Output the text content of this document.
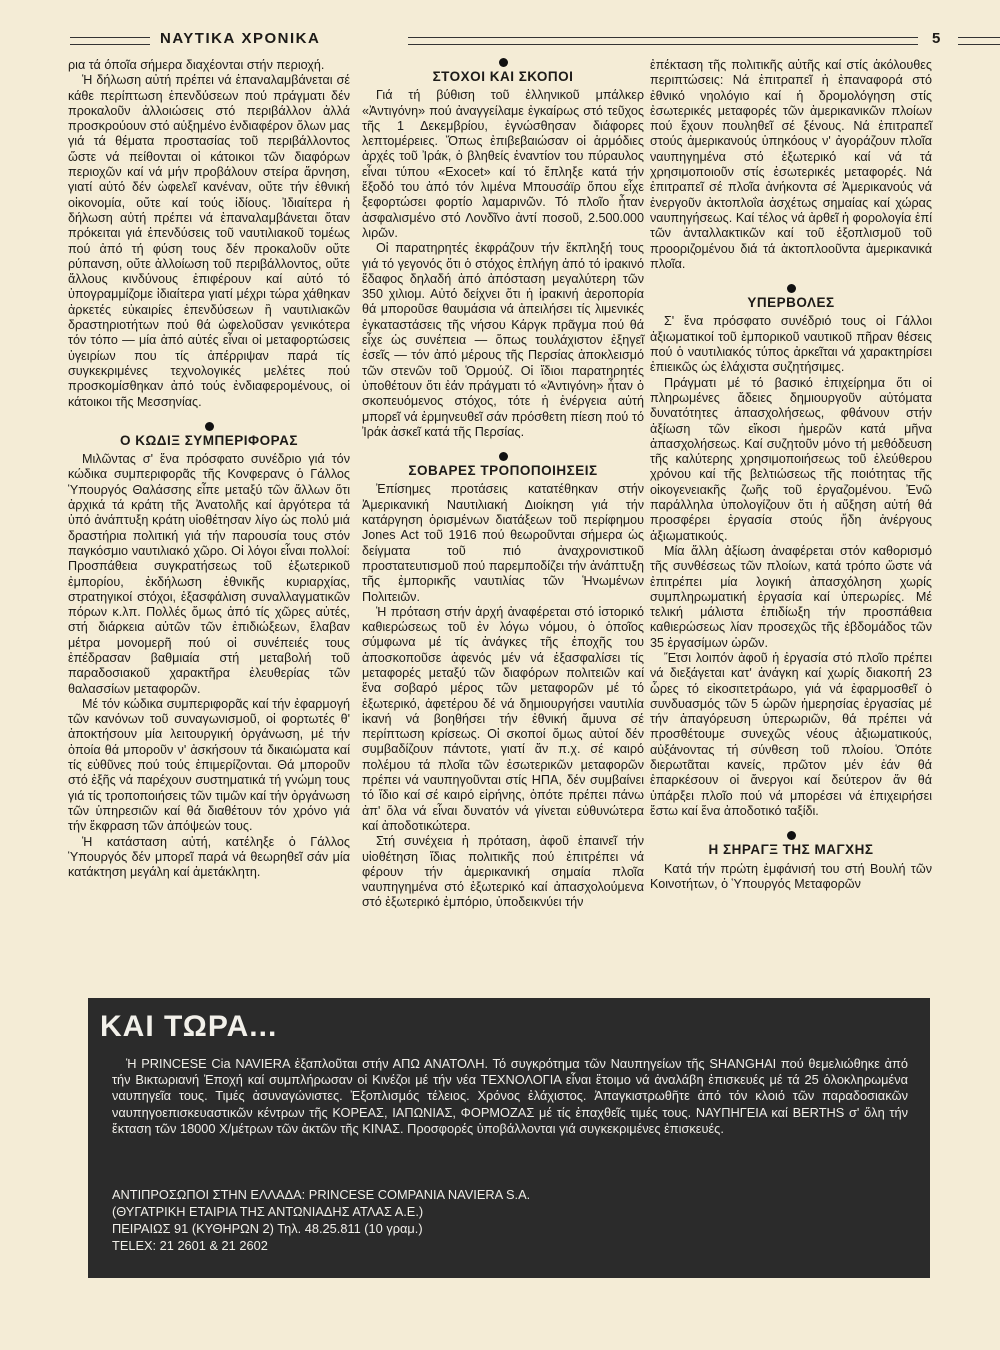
ΝΑΥΤΙΚΑ ΧΡΟΝΙΚΑ	5

ρια τά όποῖα σήμερα διαχέονται στήν περιοχή.

Ἡ δήλωση αὐτή πρέπει νά ἐπαναλαμβάνεται σέ κάθε περίπτωση ἐπενδύσεων πού πράγματι δέν προκαλοῦν ἀλλοιώσεις στό περιβάλλον ἀλλά προσκρούουν στό αὐξημένο ἐνδιαφέρον ὅλων μας γιά τά θέματα προστασίας τοῦ περιβάλλοντος ὥστε νά πείθονται οἱ κάτοικοι τῶν διαφόρων περιοχῶν καί νά μήν προβάλουν στείρα ἄρνηση, γιατί αὐτό δέν ὠφελεῖ κανέναν, οὔτε τήν ἐθνική οἰκονομία, οὔτε καί τούς ἰδίους. Ἰδιαίτερα ἡ δήλωση αὐτή πρέπει νά ἐπαναλαμβάνεται ὅταν πρόκειται γιά ἐπενδύσεις τοῦ ναυτιλιακοῦ τομέως πού ἀπό τή φύση τους δέν προκαλοῦν οὔτε ρύπανση, οὔτε ἀλλοίωση τοῦ περιβάλλοντος, οὔτε ἄλλους κινδύνους ἐπιφέρουν καί αὐτό τό ὑπογραμμίζομε ἰδιαίτερα γιατί μέχρι τώρα χάθηκαν ἀρκετές εὐκαιρίες ἐπενδύσεων ἢ ναυτιλιακῶν δραστηριοτήτων πού θά ὠφελοῦσαν γενικότερα τόν τόπο — μία ἀπό αὐτές εἶναι οἱ μεταφορτώσεις ὑγειρίων που τίς ἀπέρριψαν παρά τίς συγκεκριμένες τεχνολογικές μελέτες πού προσκομίσθηκαν ἀπό τούς ἐνδιαφερομένους, οἱ κάτοικοι τῆς Μεσσηνίας.

Ο ΚΩΔΙΞ ΣΥΜΠΕΡΙΦΟΡΑΣ

Μιλῶντας σ' ἕνα πρόσφατο συνέδριο γιά τόν κώδικα συμπεριφορᾶς τῆς Κονφερανς ὁ Γάλλος Ὑπουργός Θαλάσσης εἶπε μεταξύ τῶν ἄλλων ὅτι ἀρχικά τά κράτη τῆς Ἀνατολῆς καί ἀργότερα τά ὑπό ἀνάπτυξη κράτη υἱοθέτησαν λίγο ὡς πολύ μιά δραστήρια πολιτική γιά τήν παρουσία τους στόν παγκόσμιο ναυτιλιακό χῶρο. Οἱ λόγοι εἶναι πολλοί: Προσπάθεια συγκρατήσεως τοῦ ἐξωτερικοῦ ἐμπορίου, ἐκδήλωση ἐθνικῆς κυριαρχίας, στρατηγικοί στόχοι, ἐξασφάλιση συναλλαγματικῶν πόρων κ.λπ. Πολλές ὅμως ἀπό τίς χῶρες αὐτές, στή διάρκεια αὐτῶν τῶν ἐπιδιώξεων, ἔλαβαν μέτρα μονομερῆ πού οἱ συνέπειές τους ἐπέδρασαν βαθμιαία στή μεταβολή τοῦ παραδοσιακοῦ χαρακτῆρα ἐλευθερίας τῶν θαλασσίων μεταφορῶν.

Μέ τόν κώδικα συμπεριφορᾶς καί τήν ἐφαρμογή τῶν κανόνων τοῦ συναγωνισμοῦ, οἱ φορτωτές θ' ἀποκτήσουν μία λειτουργική ὀργάνωση, μέ τήν ὁποία θά μποροῦν ν' ἀσκήσουν τά δικαιώματα καί τίς εὐθῦνες πού τούς ἐπιμερίζονται. Θά μποροῦν στό ἑξῆς νά παρέχουν συστηματικά τή γνώμη τους γιά τίς τροποποιήσεις τῶν τιμῶν καί τήν ὀργάνωση τῶν ὑπηρεσιῶν καί θά διαθέτουν τόν χρόνο γιά τήν ἔκφραση τῶν ἀπόψεών τους.

Ἡ κατάσταση αὐτή, κατέληξε ὁ Γάλλος Ὑπουργός δέν μπορεῖ παρά νά θεωρηθεῖ σάν μία κατάκτηση μεγάλη καί ἀμετάκλητη.

ΣΤΟΧΟΙ ΚΑΙ ΣΚΟΠΟΙ

Γιά τή βύθιση τοῦ ἑλληνικοῦ μπάλκερ «Ἀντιγόνη» πού ἀναγγείλαμε ἐγκαίρως στό τεῦχος τῆς 1 Δεκεμβρίου, ἐγνώσθησαν διάφορες λεπτομέρειες. Ὅπως ἐπιβεβαιώσαν οἱ ἁρμόδιες ἀρχές τοῦ Ἰράκ, ὁ βληθείς ἐναντίον του πύραυλος εἶναι τύπου «Exocet» καί τό ἔπληξε κατά τήν ἔξοδό του ἀπό τόν λιμένα Μπουσάϊρ ὅπου εἶχε ξεφορτώσει φορτίο λαμαρινῶν. Τό πλοῖο ἦταν ἀσφαλισμένο στό Λονδῖνο ἀντί ποσοῦ, 2.500.000 λιρῶν.

Οἱ παρατηρητές ἐκφράζουν τήν ἔκπληξή τους γιά τό γεγονός ὅτι ὁ στόχος ἐπλήγη ἀπό τό ἰρακινό ἔδαφος δηλαδή ἀπό ἀπόσταση μεγαλύτερη τῶν 350 χιλιομ. Αὐτό δείχνει ὅτι ἡ ἰρακινή ἀεροπορία θά μποροῦσε θαυμάσια νά ἀπειλήσει τίς λιμενικές ἐγκαταστάσεις τῆς νήσου Κάργκ πρᾶγμα πού θά εἶχε ὡς συνέπεια — ὅπως τουλάχιστον ἐξηγεῖ ἐσεῖς — τόν ἀπό μέρους τῆς Περσίας ἀποκλεισμό τῶν στενῶν τοῦ Ὁρμούζ. Οἱ ἴδιοι παρατηρητές ὑποθέτουν ὅτι ἐάν πράγματι τό «Ἀντιγόνη» ἦταν ὁ σκοπευόμενος στόχος, τότε ἡ ἐνέργεια αὐτή μπορεῖ νά ἑρμηνευθεῖ σάν πρόσθετη πίεση πού τό Ἰράκ ἀσκεῖ κατά τῆς Περσίας.

ΣΟΒΑΡΕΣ ΤΡΟΠΟΠΟΙΗΣΕΙΣ

Ἐπίσημες προτάσεις κατατέθηκαν στήν Ἀμερικανική Ναυτιλιακή Διοίκηση γιά τήν κατάργηση ὁρισμένων διατάξεων τοῦ περίφημου Jones Act τοῦ 1916 πού θεωροῦνται σήμερα ὡς δείγματα τοῦ πιό ἀναχρονιστικοῦ προστατευτισμοῦ πού παρεμποδίζει τήν ἀνάπτυξη τῆς ἐμπορικῆς ναυτιλίας τῶν Ἡνωμένων Πολιτειῶν.

Ἡ πρόταση στήν ἀρχή ἀναφέρεται στό ἱστορικό καθιερώσεως τοῦ ἐν λόγω νόμου, ὁ ὁποῖος σύμφωνα μέ τίς ἀνάγκες τῆς ἐποχῆς του ἀποσκοποῦσε ἀφενός μέν νά ἐξασφαλίσει τίς μεταφορές μεταξύ τῶν διαφόρων πολιτειῶν καί ἕνα σοβαρό μέρος τῶν μεταφορῶν μέ τό ἐξωτερικό, ἀφετέρου δέ νά δημιουργήσει ναυτιλία ἱκανή νά βοηθήσει τήν ἐθνική ἄμυνα σέ περίπτωση κρίσεως. Οἱ σκοποί ὅμως αὐτοί δέν συμβαδίζουν πάντοτε, γιατί ἄν π.χ. σέ καιρό πολέμου τά πλοῖα τῶν ἐσωτερικῶν μεταφορῶν πρέπει νά ναυπηγοῦνται στίς ΗΠΑ, δέν συμβαίνει τό ἴδιο καί σέ καιρό εἰρήνης, ὁπότε πρέπει πάνω ἀπ' ὅλα νά εἶναι δυνατόν νά γίνεται εὐθυνώτερα καί ἀποδοτικώτερα.

Στή συνέχεια ἡ πρόταση, ἀφοῦ ἐπαινεῖ τήν υἱοθέτηση ἴδιας πολιτικῆς πού ἐπιτρέπει νά φέρουν τήν ἀμερικανική σημαία πλοῖα ναυπηγημένα στό ἐξωτερικό καί ἀπασχολούμενα στό ἐξωτερικό ἐμπόριο, ὑποδεικνύει τήν

ἐπέκταση τῆς πολιτικῆς αὐτῆς καί στίς ἀκόλουθες περιπτώσεις: Νά ἐπιτραπεῖ ἡ ἐπαναφορά στό ἐθνικό νηολόγιο καί ἡ δρομολόγηση στίς ἐσωτερικές μεταφορές τῶν ἀμερικανικῶν πλοίων πού ἔχουν πουληθεῖ σέ ξένους. Νά ἐπιτραπεῖ στούς ἀμερικανούς ὑπηκόους ν' ἀγοράζουν πλοῖα ναυπηγημένα στό ἐξωτερικό καί νά τά χρησιμοποιοῦν στίς ἐσωτερικές μεταφορές. Νά ἐπιτραπεῖ σέ πλοῖα ἀνήκοντα σέ Ἀμερικανούς νά ἐνεργοῦν ἀκτοπλοΐα ἀσχέτως σημαίας καί χώρας ναυπηγήσεως. Καί τέλος νά ἀρθεῖ ἡ φορολογία ἐπί τῶν ἀνταλλακτικῶν καί τοῦ ἐξοπλισμοῦ τοῦ προοριζομένου διά τά ἀκτοπλοοῦντα ἀμερικανικά πλοῖα.

ΥΠΕΡΒΟΛΕΣ

Σ' ἕνα πρόσφατο συνέδριό τους οἱ Γάλλοι ἀξιωματικοί τοῦ ἐμπορικοῦ ναυτικοῦ πῆραν θέσεις πού ὁ ναυτιλιακός τύπος ἀρκεῖται νά χαρακτηρίσει ἐπιεικῶς ὡς ἐλάχιστα συζητήσιμες.

Πράγματι μέ τό βασικό ἐπιχείρημα ὅτι οἱ πληρωμένες ἄδειες δημιουργοῦν αὐτόματα δυνατότητες ἀπασχολήσεως, φθάνουν στήν ἀξίωση τῶν εἴκοσι ἡμερῶν κατά μῆνα ἀπασχολήσεως. Καί συζητοῦν μόνο τή μεθόδευση τῆς καλύτερης χρησιμοποιήσεως τοῦ ἐλεύθερου χρόνου καί τῆς βελτιώσεως τῆς ποιότητας τῆς οἰκογενειακῆς ζωῆς τοῦ ἐργαζομένου. Ἐνῶ παράλληλα ὑπολογίζουν ὅτι ἡ αὔξηση αὐτή θά προσφέρει ἐργασία στούς ἤδη ἀνέργους ἀξιωματικούς.

Μία ἄλλη ἀξίωση ἀναφέρεται στόν καθορισμό τῆς συνθέσεως τῶν πλοίων, κατά τρόπο ὥστε νά ἐπιτρέπει μία λογική ἀπασχόληση χωρίς συμπληρωματική ἐργασία καί ὑπερωρίες. Μέ τελική μάλιστα ἐπιδίωξη τήν προσπάθεια καθιερώσεως λίαν προσεχῶς τῆς ἑβδομάδος τῶν 35 ἐργασίμων ὡρῶν.

Ἔτσι λοιπόν ἀφοῦ ἡ ἐργασία στό πλοῖο πρέπει νά διεξάγεται κατ' ἀνάγκη καί χωρίς διακοπή 23 ὧρες τό εἰκοσιτετράωρο, γιά νά ἐφαρμοσθεῖ ὁ συνδυασμός τῶν 5 ὡρῶν ἡμερησίας ἐργασίας μέ τήν ἀπαγόρευση ὑπερωριῶν, θά πρέπει νά προσθέτουμε συνεχῶς νέους ἀξιωματικούς, αὐξάνοντας τή σύνθεση τοῦ πλοίου. Ὁπότε διερωτᾶται κανείς, πρῶτον μέν ἐάν θά ἐπαρκέσουν οἱ ἄνεργοι καί δεύτερον ἄν θά ὑπάρξει πλοῖο πού νά μπορέσει νά ἐπιχειρήσει ἔστω καί ἕνα ἀποδοτικό ταξίδι.

Η ΣΗΡΑΓΞ ΤΗΣ ΜΑΓΧΗΣ

Κατά τήν πρώτη ἐμφάνισή του στή Βουλή τῶν Κοινοτήτων, ὁ Ὑπουργός Μεταφορῶν

ΚΑΙ ΤΩΡΑ...
Ἡ PRINCESE Cia NAVIERA ἐξαπλοῦται στήν ΑΠΩ ΑΝΑΤΟΛΗ. Τό συγκρότημα τῶν Ναυπηγείων τῆς SHANGHAI πού θεμελιώθηκε ἀπό τήν Βικτωριανή Ἐποχή καί συμπλήρωσαν οἱ Κινέζοι μέ τήν νέα ΤΕΧΝΟΛΟΓΙΑ εἶναι ἕτοιμο νά ἀναλάβη ἐπισκευές μέ τά 25 ὁλοκληρωμένα ναυπηγεῖα τους. Τιμές ἀσυναγώνιστες. Ἐξοπλισμός τέλειος. Χρόνος ἐλάχιστος. Ἀπαγκιστρωθῆτε ἀπό τόν κλοιό τῶν παραδοσιακῶν ναυπηγοεπισκευαστικῶν κέντρων τῆς ΚΟΡΕΑΣ, ΙΑΠΩΝΙΑΣ, ΦΟΡΜΟΖΑΣ μέ τίς ἐπαχθεῖς τιμές τους. ΝΑΥΠΗΓΕΙΑ καί BERTHS σ' ὅλη τήν ἔκταση τῶν 18000 Χ/μέτρων τῶν ἀκτῶν τῆς ΚΙΝΑΣ. Προσφορές ὑποβάλλονται γιά συγκεκριμένες ἐπισκευές.
ΑΝΤΙΠΡΟΣΩΠΟΙ ΣΤΗΝ ΕΛΛΑΔΑ: PRINCESE COMPANIA NAVIERA S.A.
(ΘΥΓΑΤΡΙΚΗ ΕΤΑΙΡΙΑ ΤΗΣ ΑΝΤΩΝΙΑΔΗΣ ΑΤΛΑΣ Α.Ε.)
ΠΕΙΡΑΙΩΣ 91 (ΚΥΘΗΡΩΝ 2) Τηλ. 48.25.811 (10 γραμ.)
TELEX: 21 2601 & 21 2602
